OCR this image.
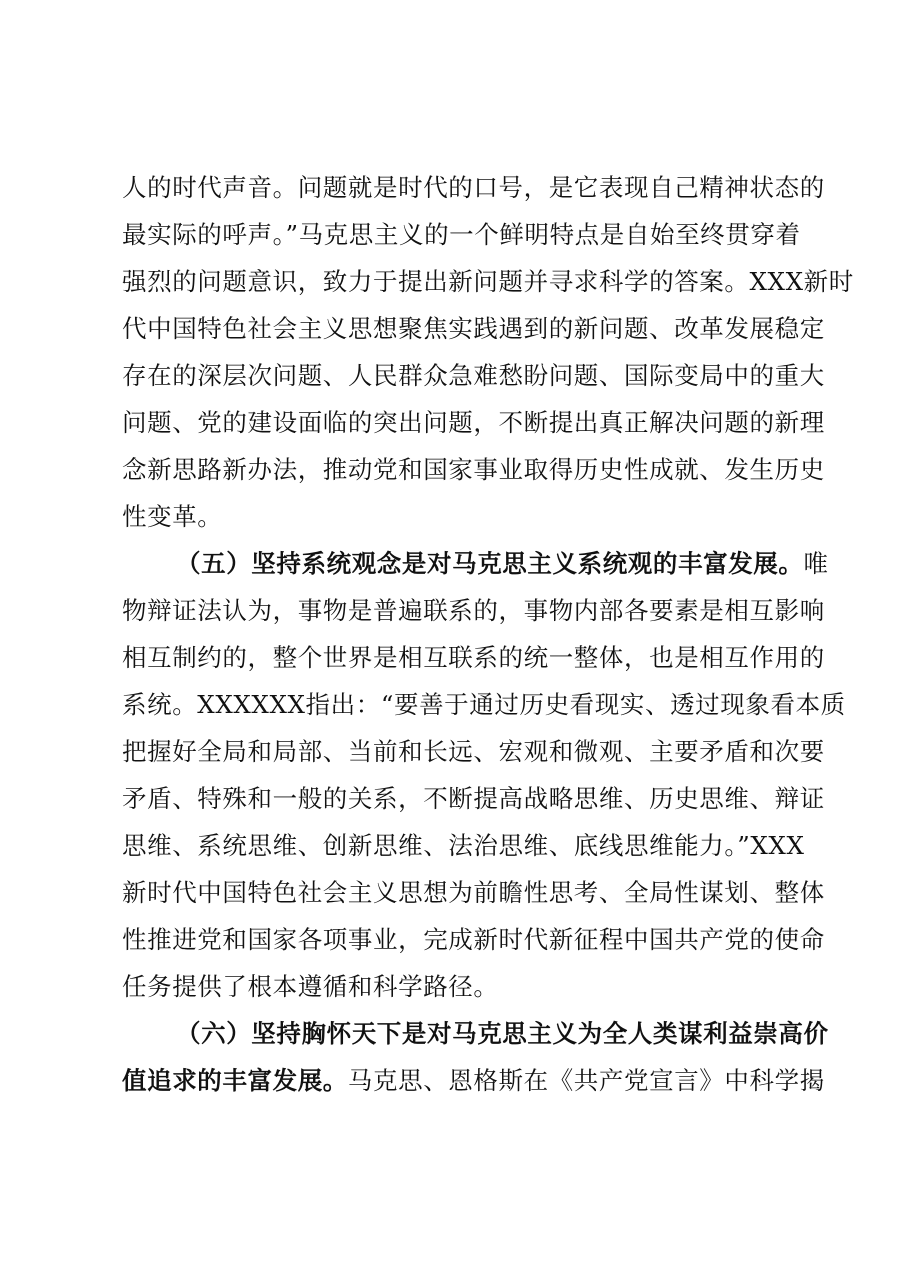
人的时代声音。问题就是时代的口号，是它表现自己精神状态的
最实际的呼声。”马克思主义的一个鲜明特点是自始至终贯穿着
强烈的问题意识，致力于提出新问题并寻求科学的答案。XXX新时
代中国特色社会主义思想聚焦实践遇到的新问题、改革发展稳定
存在的深层次问题、人民群众急难愁盼问题、国际变局中的重大
问题、党的建设面临的突出问题，不断提出真正解决问题的新理
念新思路新办法，推动党和国家事业取得历史性成就、发生历史
性变革。
（五）坚持系统观念是对马克思主义系统观的丰富发展。唯
物辩证法认为，事物是普遍联系的，事物内部各要素是相互影响
相互制约的，整个世界是相互联系的统一整体，也是相互作用的
系统。XXXXXX指出：“要善于通过历史看现实、透过现象看本质
把握好全局和局部、当前和长远、宏观和微观、主要矛盾和次要
矛盾、特殊和一般的关系，不断提高战略思维、历史思维、辩证
思维、系统思维、创新思维、法治思维、底线思维能力。”XXX
新时代中国特色社会主义思想为前瞻性思考、全局性谋划、整体
性推进党和国家各项事业，完成新时代新征程中国共产党的使命
任务提供了根本遵循和科学路径。
（六）坚持胸怀天下是对马克思主义为全人类谋利益崇高价
值追求的丰富发展。马克思、恩格斯在《共产党宣言》中科学揭
